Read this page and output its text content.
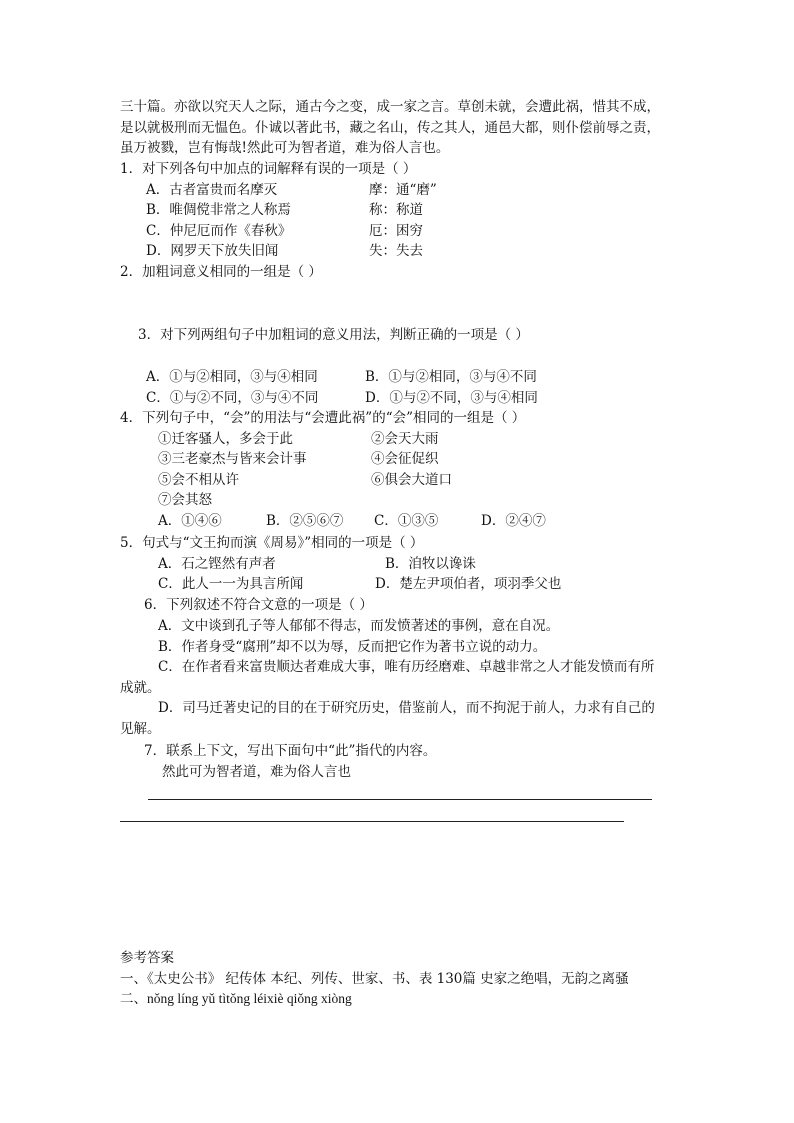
三十篇。亦欲以究天人之际，通古今之变，成一家之言。草创未就，会遭此祸，惜其不成，
是以就极刑而无愠色。仆诚以著此书，藏之名山，传之其人，通邑大都，则仆偿前辱之责，
虽万被戮，岂有悔哉!然此可为智者道，难为俗人言也。
1．对下列各句中加点的词解释有误的一项是（ ）
A．古者富贵而名摩灭	摩：通“磨”
B．唯倜傥非常之人称焉	称：称道
C．仲尼厄而作《春秋》	厄：困穷
D．网罗天下放失旧闻	失：失去
2．加粗词意义相同的一组是（ ）
3．对下列两组句子中加粗词的意义用法，判断正确的一项是（ ）
A．①与②相同，③与④相同	B．①与②相同，③与④不同
C．①与②不同，③与④不同	D．①与②不同，③与④相同
4．下列句子中，“会”的用法与“会遭此祸”的“会”相同的一组是（ ）
①迁客骚人，多会于此	②会天大雨
③三老豪杰与皆来会计事	④会征促织
⑤会不相从许	⑥俱会大道口
⑦会其怒
A．①④⑥	B．②⑤⑥⑦	C．①③⑤	D．②④⑦
5．句式与“文王拘而演《周易》”相同的一项是（ ）
A．石之铿然有声者	B．洎牧以谗诛
C．此人一一为具言所闻	D．楚左尹项伯者，项羽季父也
6．下列叙述不符合文意的一项是（ ）
A．文中谈到孔子等人郁郁不得志，而发愤著述的事例，意在自况。
B．作者身受“腐刑”却不以为辱，反而把它作为著书立说的动力。
C．在作者看来富贵顺达者难成大事，唯有历经磨难、卓越非常之人才能发愤而有所
成就。
D．司马迁著史记的目的在于研究历史，借鉴前人，而不拘泥于前人，力求有自己的
见解。
7．联系上下文，写出下面句中“此”指代的内容。
然此可为智者道，难为俗人言也
参考答案
一、《太史公书》 纪传体 本纪、列传、世家、书、表 130篇 史家之绝唱，无韵之离骚
二、nǒng líng yǔ tìtǒng léixiè qiǒng xiòng
